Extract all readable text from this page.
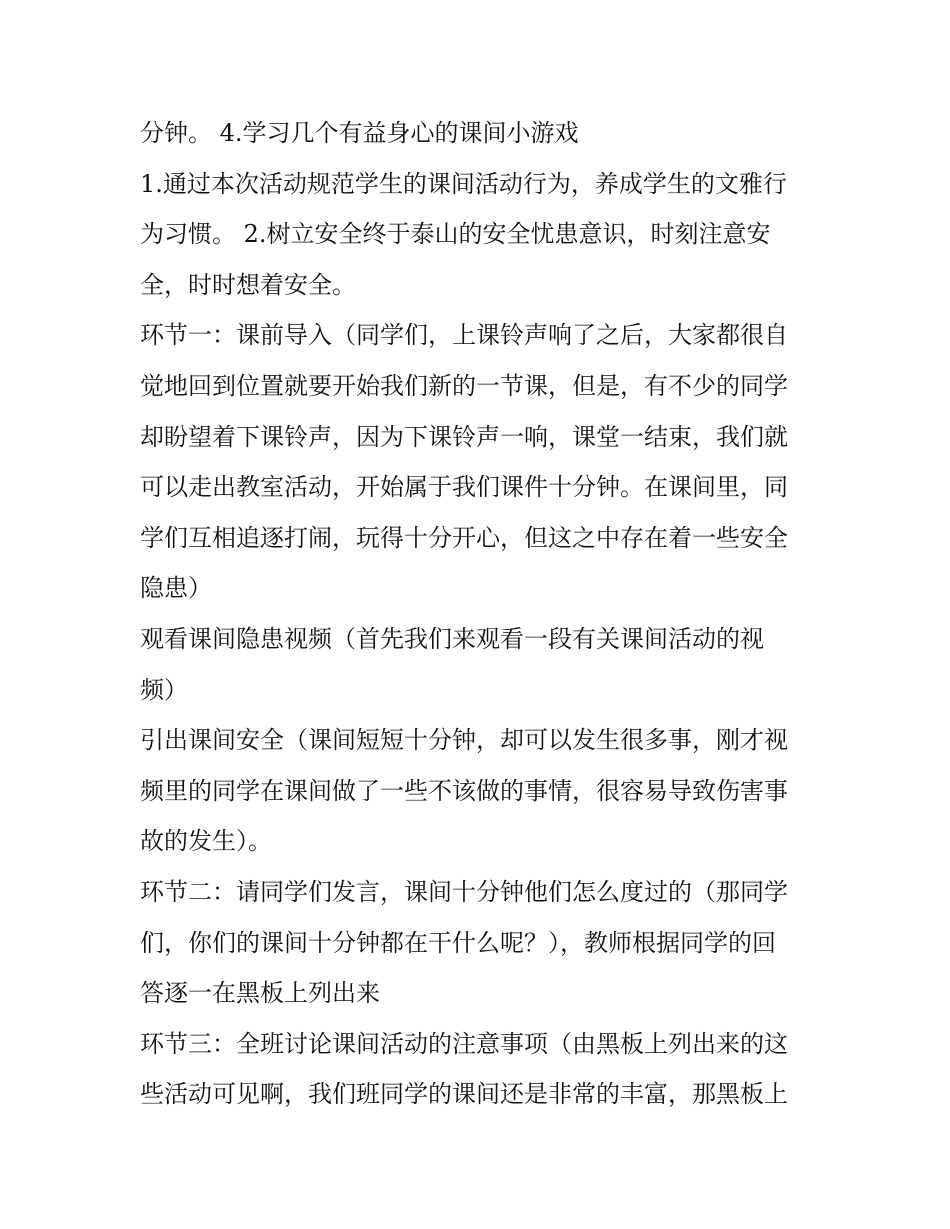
分钟。 4.学习几个有益身心的课间小游戏
1.通过本次活动规范学生的课间活动行为，养成学生的文雅行
为习惯。 2.树立安全终于泰山的安全忧患意识，时刻注意安
全，时时想着安全。
环节一：课前导入（同学们，上课铃声响了之后，大家都很自
觉地回到位置就要开始我们新的一节课，但是，有不少的同学
却盼望着下课铃声，因为下课铃声一响，课堂一结束，我们就
可以走出教室活动，开始属于我们课件十分钟。在课间里，同
学们互相追逐打闹，玩得十分开心，但这之中存在着一些安全
隐患）
观看课间隐患视频（首先我们来观看一段有关课间活动的视
频）
引出课间安全（课间短短十分钟，却可以发生很多事，刚才视
频里的同学在课间做了一些不该做的事情，很容易导致伤害事
故的发生）。
环节二：请同学们发言，课间十分钟他们怎么度过的（那同学
们，你们的课间十分钟都在干什么呢？），教师根据同学的回
答逐一在黑板上列出来
环节三：全班讨论课间活动的注意事项（由黑板上列出来的这
些活动可见啊，我们班同学的课间还是非常的丰富，那黑板上
